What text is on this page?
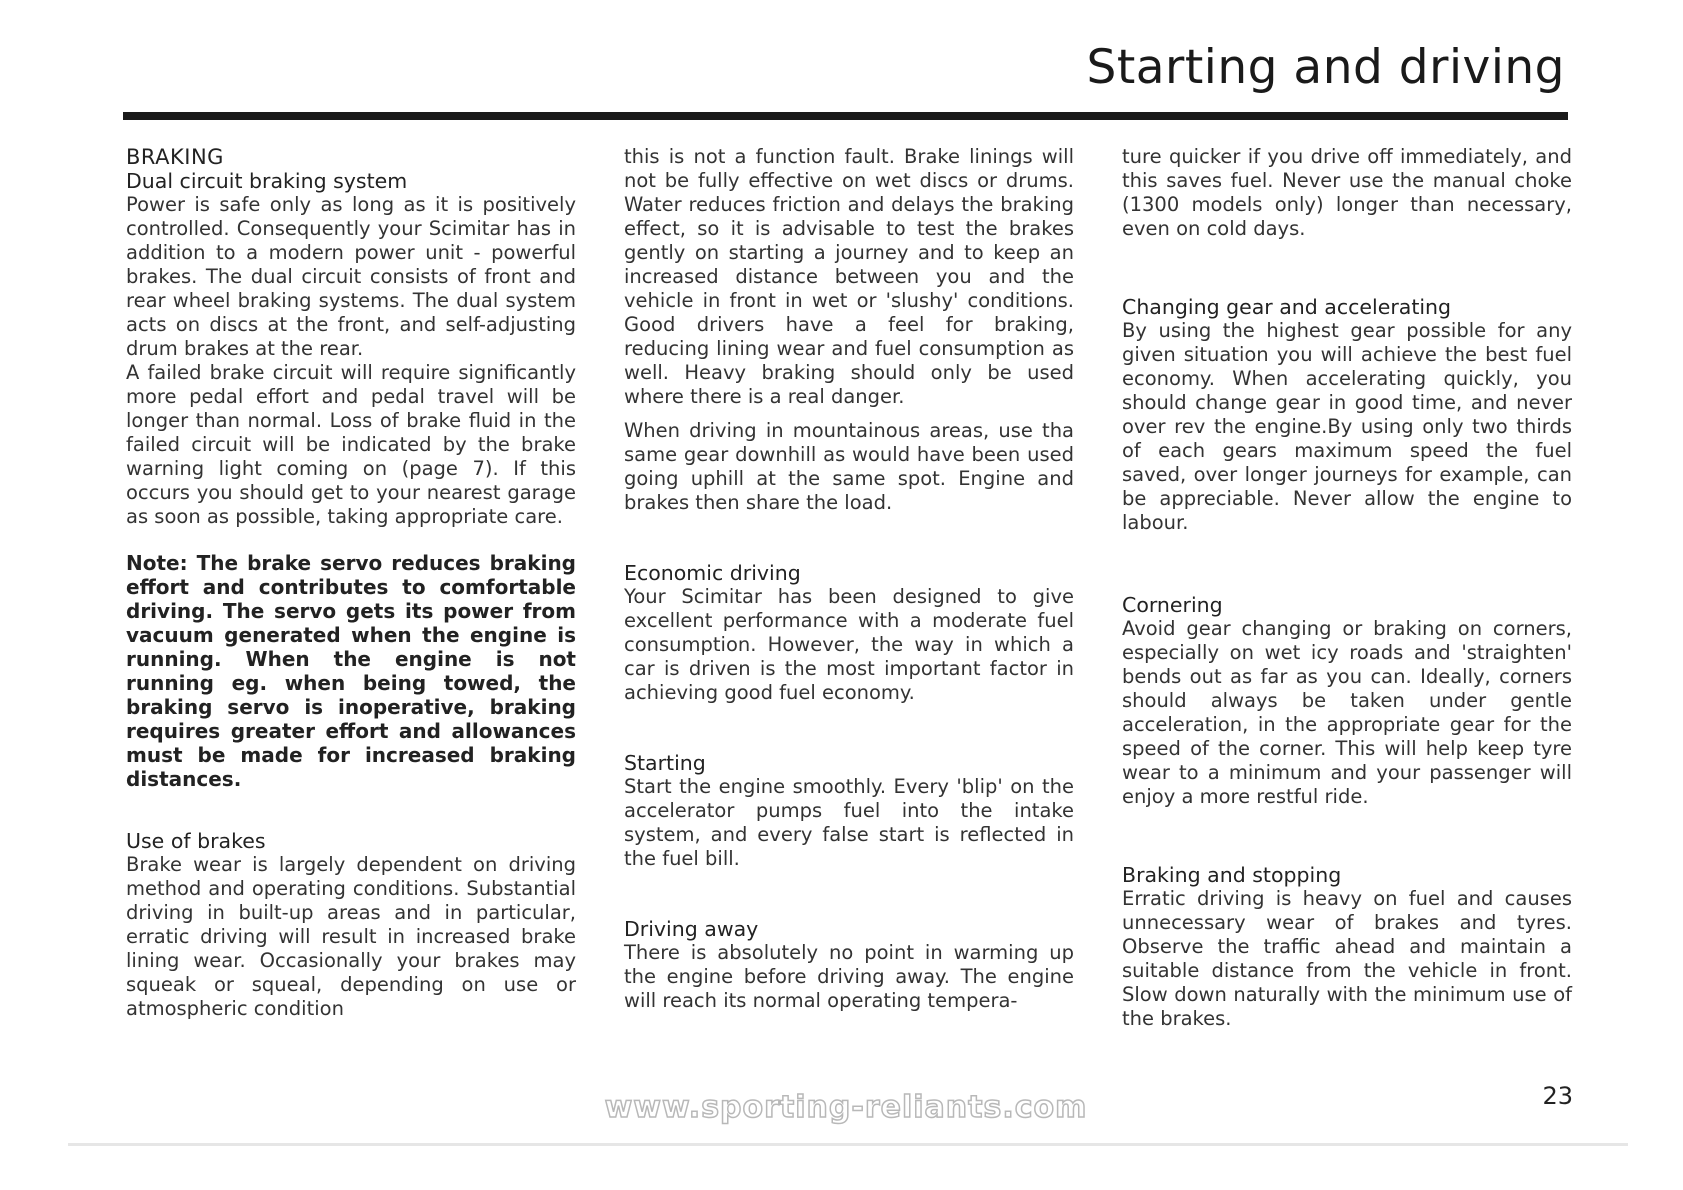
Starting and driving
BRAKING
Dual circuit braking system

Power is safe only as long as it is positively controlled. Consequently your Scimitar has in addition to a modern power unit - powerful brakes. The dual circuit consists of front and rear wheel braking systems. The dual system acts on discs at the front, and self-adjusting drum brakes at the rear.

A failed brake circuit will require significantly more pedal effort and pedal travel will be longer than normal. Loss of brake fluid in the failed circuit will be indicated by the brake warning light coming on (page 7). If this occurs you should get to your nearest garage as soon as possible, taking appropriate care.

Note: The brake servo reduces braking effort and contributes to comfortable driving. The servo gets its power from vacuum generated when the engine is running. When the engine is not running eg. when being towed, the braking servo is inoperative, braking requires greater effort and allowances must be made for increased braking distances.

Use of brakes

Brake wear is largely dependent on driving method and operating conditions. Substantial driving in built-up areas and in particular, erratic driving will result in increased brake lining wear. Occasionally your brakes may squeak or squeal, depending on use or atmospheric condition

this is not a function fault. Brake linings will not be fully effective on wet discs or drums. Water reduces friction and delays the braking effect, so it is advisable to test the brakes gently on starting a journey and to keep an increased distance between you and the vehicle in front in wet or 'slushy' conditions. Good drivers have a feel for braking, reducing lining wear and fuel consumption as well. Heavy braking should only be used where there is a real danger.

When driving in mountainous areas, use tha same gear downhill as would have been used going uphill at the same spot. Engine and brakes then share the load.

Economic driving

Your Scimitar has been designed to give excellent performance with a moderate fuel consumption. However, the way in which a car is driven is the most important factor in achieving good fuel economy.

Starting

Start the engine smoothly. Every 'blip' on the accelerator pumps fuel into the intake system, and every false start is reflected in the fuel bill.

Driving away

There is absolutely no point in warming up the engine before driving away. The engine will reach its normal operating tempera-

ture quicker if you drive off immediately, and this saves fuel. Never use the manual choke (1300 models only) longer than necessary, even on cold days.

Changing gear and accelerating

By using the highest gear possible for any given situation you will achieve the best fuel economy. When accelerating quickly, you should change gear in good time, and never over rev the engine.By using only two thirds of each gears maximum speed the fuel saved, over longer journeys for example, can be appreciable. Never allow the engine to labour.

Cornering

Avoid gear changing or braking on corners, especially on wet icy roads and 'straighten' bends out as far as you can. Ideally, corners should always be taken under gentle acceleration, in the appropriate gear for the speed of the corner. This will help keep tyre wear to a minimum and your passenger will enjoy a more restful ride.

Braking and stopping

Erratic driving is heavy on fuel and causes unnecessary wear of brakes and tyres. Observe the traffic ahead and maintain a suitable distance from the vehicle in front. Slow down naturally with the minimum use of the brakes.

www.sporting-reliants.com	23
